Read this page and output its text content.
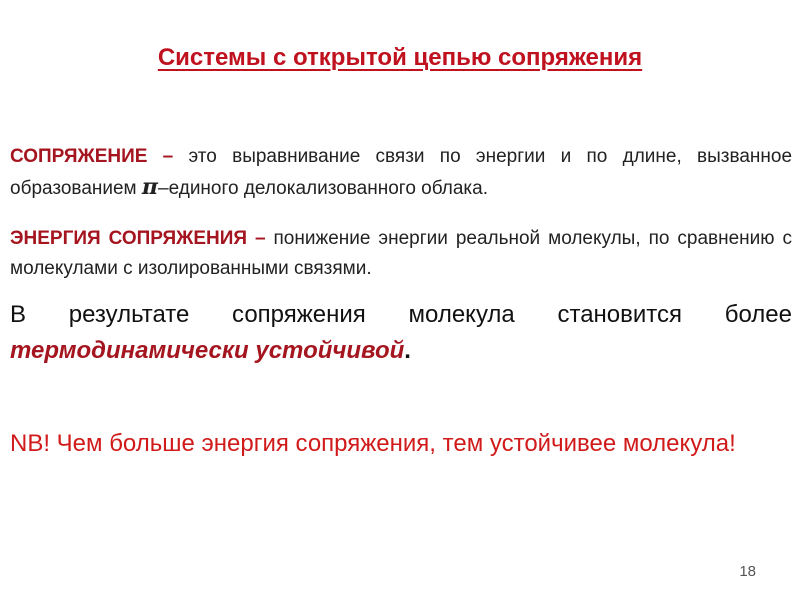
Системы с открытой цепью сопряжения
СОПРЯЖЕНИЕ – это выравнивание связи по энергии и по длине, вызванное образованием π–единого делокализованного облака.
ЭНЕРГИЯ СОПРЯЖЕНИЯ – понижение энергии реальной молекулы, по сравнению с молекулами с изолированными связями.
В результате сопряжения молекула становится более термодинамически устойчивой.
NB! Чем больше энергия сопряжения, тем устойчивее молекула!
18
